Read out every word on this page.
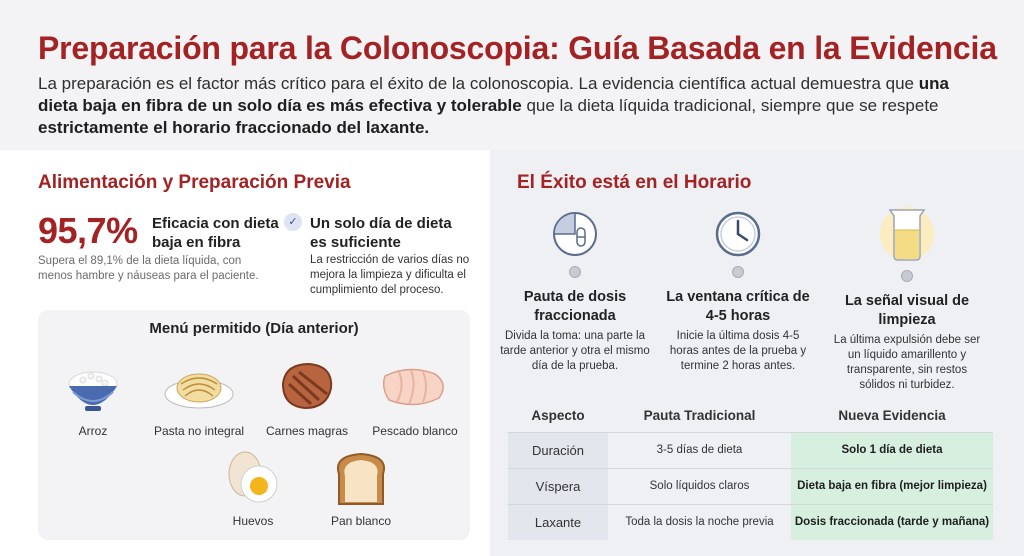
Preparación para la Colonoscopia: Guía Basada en la Evidencia

La preparación es el factor más crítico para el éxito de la colonoscopia. La evidencia científica actual demuestra que una dieta baja en fibra de un solo día es más efectiva y tolerable que la dieta líquida tradicional, siempre que se respete estrictamente el horario fraccionado del laxante.

Alimentación y Preparación Previa
95,7% Eficacia con dieta baja en fibra
Supera el 89,1% de la dieta líquida, con menos hambre y náuseas para el paciente.
✓ Un solo día de dieta es suficiente
La restricción de varios días no mejora la limpieza y dificulta el cumplimiento del proceso.
Menú permitido (Día anterior)
Arroz	Pasta no integral	Carnes magras	Pescado blanco
Huevos	Pan blanco
El Éxito está en el Horario
Pauta de dosis fraccionada
Divida la toma: una parte la tarde anterior y otra el mismo día de la prueba.
La ventana crítica de 4-5 horas
Inicie la última dosis 4-5 horas antes de la prueba y termine 2 horas antes.
La señal visual de limpieza
La última expulsión debe ser un líquido amarillento y transparente, sin restos sólidos ni turbidez.
Aspecto	Pauta Tradicional	Nueva Evidencia
Duración	3-5 días de dieta	Solo 1 día de dieta
Víspera	Solo líquidos claros	Dieta baja en fibra (mejor limpieza)
Laxante	Toda la dosis la noche previa	Dosis fraccionada (tarde y mañana)
